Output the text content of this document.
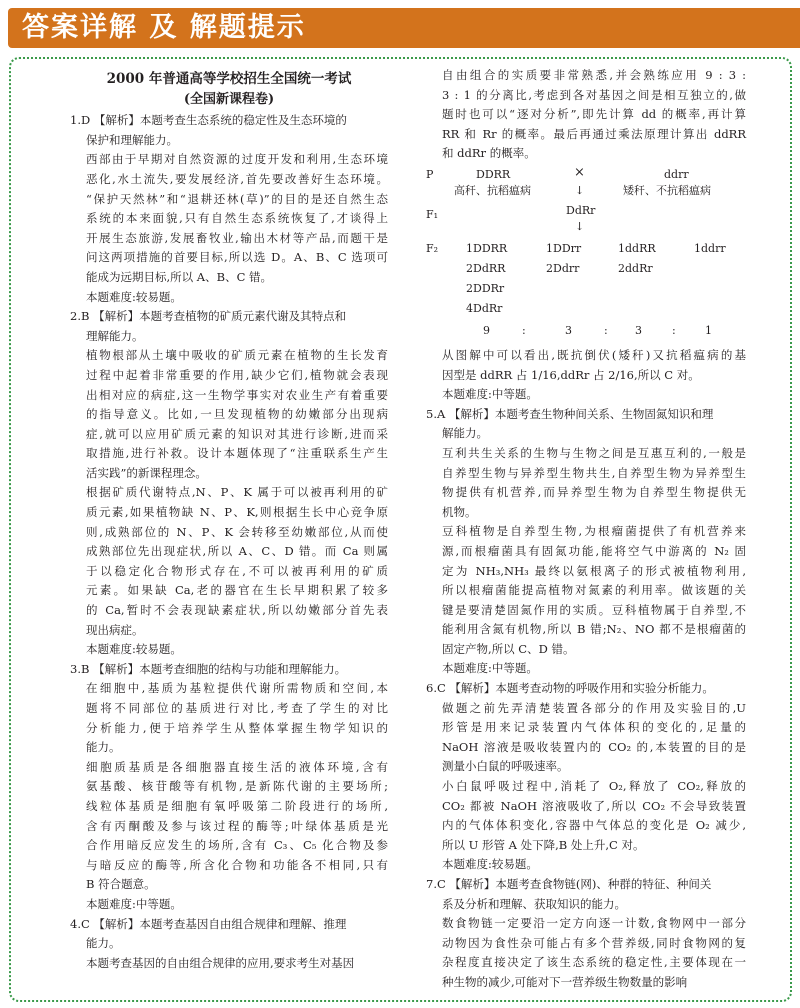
答案详解 及 解题提示

2000 年普通高等学校招生全国统一考试

(全国新课程卷)

1.D 【解析】本题考查生态系统的稳定性及生态环境的

保护和理解能力。

西部由于早期对自然资源的过度开发和利用,生态环境

恶化,水土流失,要发展经济,首先要改善好生态环境。

“保护天然林”和“退耕还林(草)”的目的是还自然生态

系统的本来面貌,只有自然生态系统恢复了,才谈得上

开展生态旅游,发展畜牧业,输出木材等产品,而题干是

问这两项措施的首要目标,所以选 D。A、B、C 选项可

能成为远期目标,所以 A、B、C 错。

本题难度:较易题。

2.B 【解析】本题考查植物的矿质元素代谢及其特点和

理解能力。

植物根部从土壤中吸收的矿质元素在植物的生长发育

过程中起着非常重要的作用,缺少它们,植物就会表现

出相对应的病症,这一生物学事实对农业生产有着重要

的指导意义。比如,一旦发现植物的幼嫩部分出现病

症,就可以应用矿质元素的知识对其进行诊断,进而采

取措施,进行补救。设计本题体现了“注重联系生产生

活实践”的新课程理念。

根据矿质代谢特点,N、P、K 属于可以被再利用的矿

质元素,如果植物缺 N、P、K,则根据生长中心竞争原

则,成熟部位的 N、P、K 会转移至幼嫩部位,从而使

成熟部位先出现症状,所以 A、C、D 错。而 Ca 则属

于以稳定化合物形式存在,不可以被再利用的矿质

元素。如果缺 Ca,老的器官在生长早期积累了较多

的 Ca,暂时不会表现缺素症状,所以幼嫩部分首先表

现出病症。

本题难度:较易题。

3.B 【解析】本题考查细胞的结构与功能和理解能力。

在细胞中,基质为基粒提供代谢所需物质和空间,本

题将不同部位的基质进行对比,考查了学生的对比

分析能力,便于培养学生从整体掌握生物学知识的

能力。

细胞质基质是各细胞器直接生活的液体环境,含有

氨基酸、核苷酸等有机物,是新陈代谢的主要场所;

线粒体基质是细胞有氧呼吸第二阶段进行的场所,

含有丙酮酸及参与该过程的酶等;叶绿体基质是光

合作用暗反应发生的场所,含有 C₃、C₅ 化合物及参

与暗反应的酶等,所含化合物和功能各不相同,只有

B 符合题意。

本题难度:中等题。

4.C 【解析】本题考查基因自由组合规律和理解、推理

能力。

本题考查基因的自由组合规律的应用,要求考生对基因

自由组合的实质要非常熟悉,并会熟练应用 9 : 3 :

3 : 1 的分离比,考虑到各对基因之间是相互独立的,做

题时也可以“逐对分析”,即先计算 dd 的概率,再计算

RR 和 Rr 的概率。最后再通过乘法原理计算出 ddRR

和 ddRr 的概率。

P	DDRR	×	ddrr
高秆、抗稻瘟病	矮秆、不抗稻瘟病
↓
F₁	DdRr
↓
F₂	1DDRR	1DDrr	1ddRR	1ddrr
2DdRR	2Ddrr	2ddRr
2DDRr
4DdRr
9	:	3	: 3	:	1

从图解中可以看出,既抗倒伏(矮秆)又抗稻瘟病的基

因型是 ddRR 占 1/16,ddRr 占 2/16,所以 C 对。

本题难度:中等题。

5.A 【解析】本题考查生物种间关系、生物固氮知识和理

解能力。

互利共生关系的生物与生物之间是互惠互利的,一般是

自养型生物与异养型生物共生,自养型生物为异养型生

物提供有机营养,而异养型生物为自养型生物提供无

机物。

豆科植物是自养型生物,为根瘤菌提供了有机营养来

源,而根瘤菌具有固氮功能,能将空气中游离的 N₂ 固

定为 NH₃,NH₃ 最终以氨根离子的形式被植物利用,

所以根瘤菌能提高植物对氮素的利用率。做该题的关

键是要清楚固氮作用的实质。豆科植物属于自养型,不

能利用含氮有机物,所以 B 错;N₂、NO 都不是根瘤菌的

固定产物,所以 C、D 错。

本题难度:中等题。

6.C 【解析】本题考查动物的呼吸作用和实验分析能力。

做题之前先弄清楚装置各部分的作用及实验目的,U

形管是用来记录装置内气体体积的变化的,足量的

NaOH 溶液是吸收装置内的 CO₂ 的,本装置的目的是

测量小白鼠的呼吸速率。

小白鼠呼吸过程中,消耗了 O₂,释放了 CO₂,释放的

CO₂ 都被 NaOH 溶液吸收了,所以 CO₂ 不会导致装置

内的气体体积变化,容器中气体总的变化是 O₂ 减少,

所以 U 形管 A 处下降,B 处上升,C 对。

本题难度:较易题。

7.C 【解析】本题考查食物链(网)、种群的特征、种间关

系及分析和理解、获取知识的能力。

数食物链一定要沿一定方向逐一计数,食物网中一部分

动物因为食性杂可能占有多个营养级,同时食物网的复

杂程度直接决定了该生态系统的稳定性,主要体现在一

种生物的减少,可能对下一营养级生物数量的影响
